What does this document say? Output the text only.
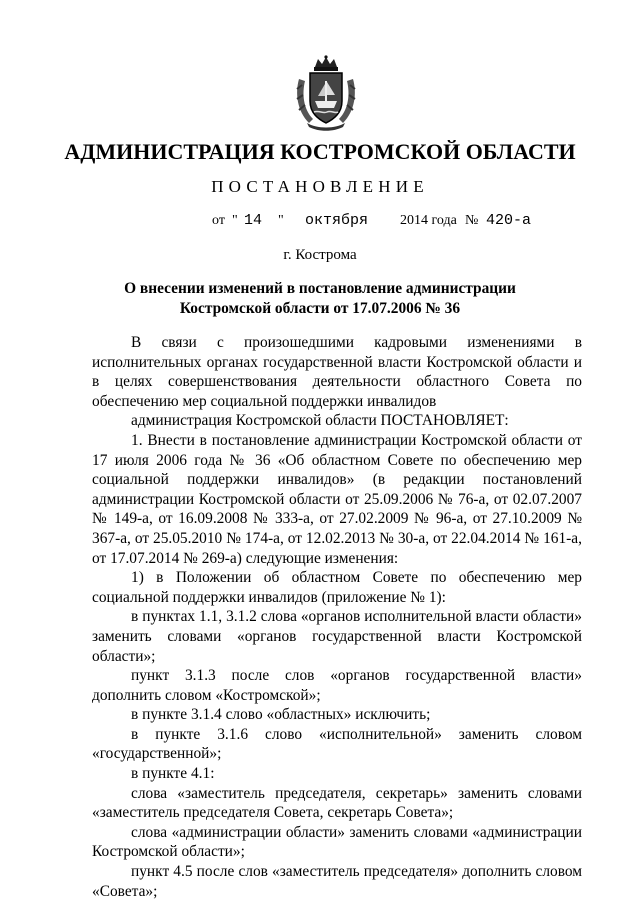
АДМИНИСТРАЦИЯ КОСТРОМСКОЙ ОБЛАСТИ
ПОСТАНОВЛЕНИЕ
от " 14 " октября 2014 года № 420-а
г. Кострома
О внесении изменений в постановление администрации
Костромской области от 17.07.2006 № 36

В связи с произошедшими кадровыми изменениями в исполнительных органах государственной власти Костромской области и в целях совершенствования деятельности областного Совета по обеспечению мер социальной поддержки инвалидов

администрация Костромской области ПОСТАНОВЛЯЕТ:

1. Внести в постановление администрации Костромской области от 17 июля 2006 года № 36 «Об областном Совете по обеспечению мер социальной поддержки инвалидов» (в редакции постановлений администрации Костромской области от 25.09.2006 № 76-а, от 02.07.2007 № 149-а, от 16.09.2008 № 333-а, от 27.02.2009 № 96-а, от 27.10.2009 № 367-а, от 25.05.2010 № 174-а, от 12.02.2013 № 30-а, от 22.04.2014 № 161-а, от 17.07.2014 № 269-а) следующие изменения:

1) в Положении об областном Совете по обеспечению мер социальной поддержки инвалидов (приложение № 1):

в пунктах 1.1, 3.1.2 слова «органов исполнительной власти области» заменить словами «органов государственной власти Костромской области»;

пункт 3.1.3 после слов «органов государственной власти» дополнить словом «Костромской»;

в пункте 3.1.4 слово «областных» исключить;

в пункте 3.1.6 слово «исполнительной» заменить словом «государственной»;

в пункте 4.1:

слова «заместитель председателя, секретарь» заменить словами «заместитель председателя Совета, секретарь Совета»;

слова «администрации области» заменить словами «администрации Костромской области»;

пункт 4.5 после слов «заместитель председателя» дополнить словом «Совета»;
